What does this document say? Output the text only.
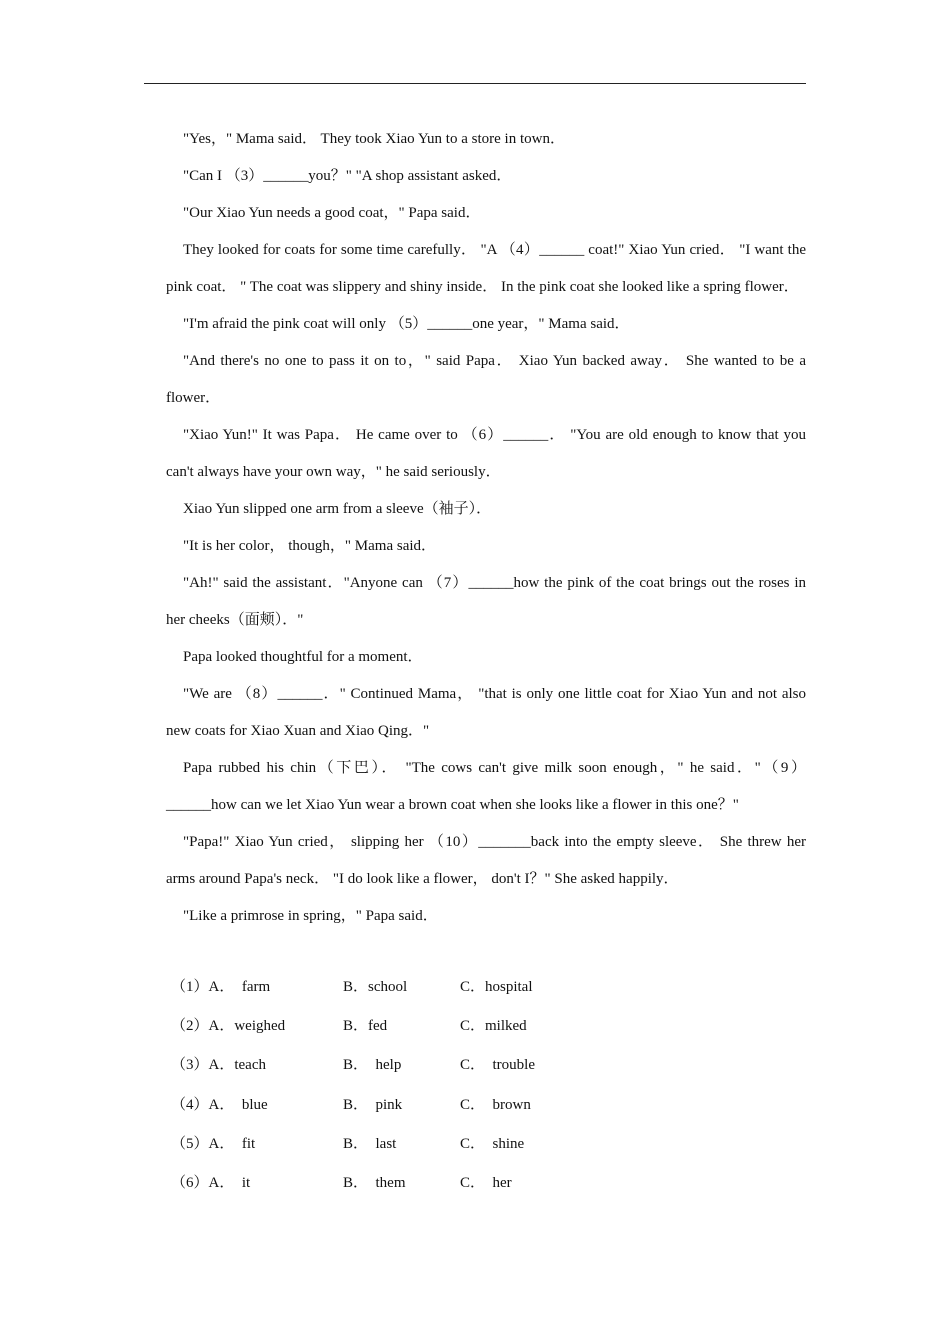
"Yes，" Mama said． They took Xiao Yun to a store in town．

"Can I （3）______you？" "A shop assistant asked．

"Our Xiao Yun needs a good coat，" Papa said．

They looked for coats for some time carefully． "A （4）______ coat!" Xiao Yun cried． "I want the pink coat． " The coat was slippery and shiny inside． In the pink coat she looked like a spring flower．

"I'm afraid the pink coat will only （5）______one year，" Mama said．

"And there's no one to pass it on to，" said Papa． Xiao Yun backed away． She wanted to be a flower．

"Xiao Yun!" It was Papa． He came over to （6）______． "You are old enough to know that you can't always have your own way，" he said seriously．

Xiao Yun slipped one arm from a sleeve（袖子）．

"It is her color， though，" Mama said．

"Ah!" said the assistant．"Anyone can （7）______how the pink of the coat brings out the roses in her cheeks（面颊）．"

Papa looked thoughtful for a moment．

"We are （8）______．" Continued Mama， "that is only one little coat for Xiao Yun and not also new coats for Xiao Xuan and Xiao Qing．"

Papa rubbed his chin（下巴）． "The cows can't give milk soon enough，" he said．"（9）______how can we let Xiao Yun wear a brown coat when she looks like a flower in this one？"

"Papa!" Xiao Yun cried， slipping her （10）_______back into the empty sleeve． She threw her arms around Papa's neck． "I do look like a flower， don't I？" She asked happily．

"Like a primrose in spring，" Papa said．

（1）A．  farm	B．school	C．hospital
（2）A．weighed	B．fed	C．milked
（3）A．teach	B．  help	C．  trouble
（4）A．  blue	B．  pink	C．  brown
（5）A．  fit	B．  last	C．  shine
（6）A．  it	B．  them	C．  her
